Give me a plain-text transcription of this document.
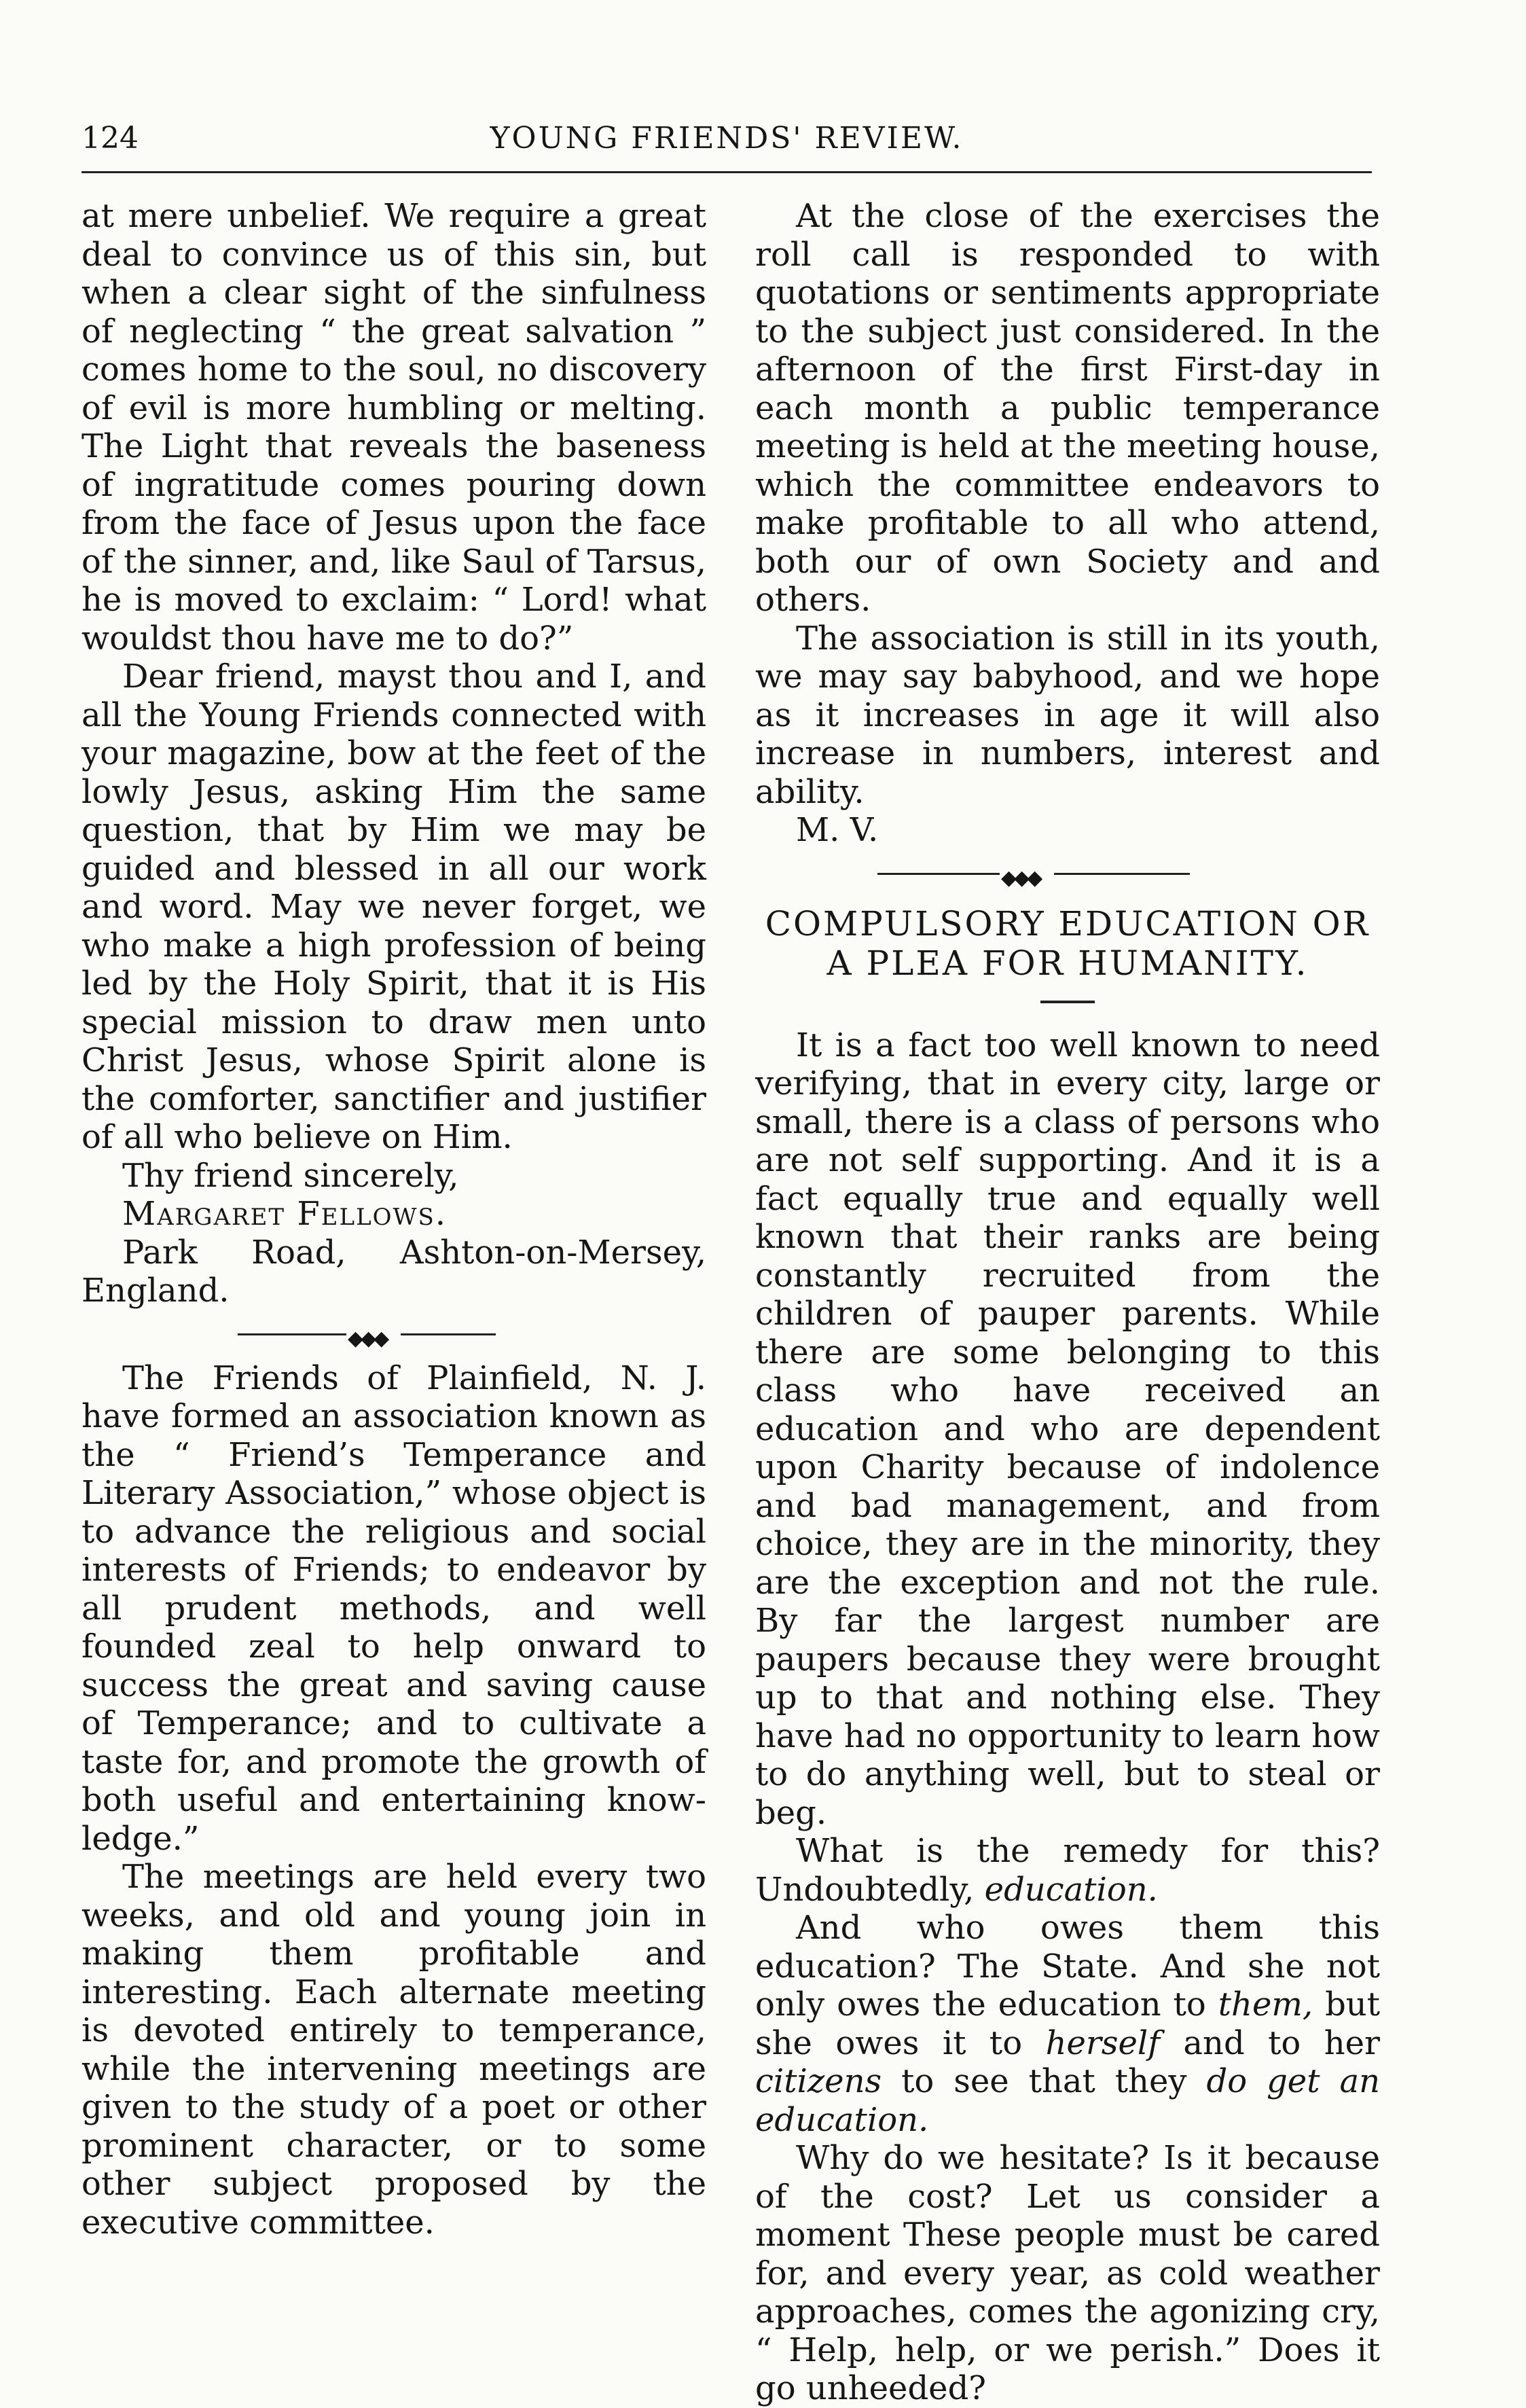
124	YOUNG FRIENDS' REVIEW.

at mere unbelief. We require a great deal to convince us of this sin, but when a clear sight of the sinfulness of neglecting “ the great salvation ” comes home to the soul, no discovery of evil is more humbling or melting. The Light that reveals the baseness of ingratitude comes pouring down from the face of Jesus upon the face of the sinner, and, like Saul of Tarsus, he is moved to exclaim: “ Lord! what wouldst thou have me to do?”

Dear friend, mayst thou and I, and all the Young Friends connected with your magazine, bow at the feet of the lowly Jesus, asking Him the same question, that by Him we may be guided and blessed in all our work and word. May we never forget, we who make a high profession of being led by the Holy Spirit, that it is His special mission to draw men unto Christ Jesus, whose Spirit alone is the comforter, sanctifier and justifier of all who believe on Him.

Thy friend sincerely,

Margaret Fellows.

Park Road, Ashton-on-Mersey, England.

◆◆◆

The Friends of Plainfield, N. J. have formed an association known as the “ Friend’s Temperance and Literary Association,” whose object is to advance the religious and social interests of Friends; to endeavor by all prudent methods, and well founded zeal to help onward to success the great and saving cause of Temperance; and to cultivate a taste for, and promote the growth of both useful and entertaining knowledge.”

The meetings are held every two weeks, and old and young join in making them profitable and interesting. Each alternate meeting is devoted entirely to temperance, while the intervening meetings are given to the study of a poet or other prominent character, or to some other subject proposed by the executive committee.

At the close of the exercises the roll call is responded to with quotations or sentiments appropriate to the subject just considered. In the afternoon of the first First-day in each month a public temperance meeting is held at the meeting house, which the committee endeavors to make profitable to all who attend, both our of own Society and and others.

The association is still in its youth, we may say babyhood, and we hope as it increases in age it will also increase in numbers, interest and ability.

M. V.

◆◆◆
COMPULSORY EDUCATION OR
A PLEA FOR HUMANITY.

It is a fact too well known to need verifying, that in every city, large or small, there is a class of persons who are not self supporting. And it is a fact equally true and equally well known that their ranks are being constantly recruited from the children of pauper parents. While there are some belonging to this class who have received an education and who are dependent upon Charity because of indolence and bad management, and from choice, they are in the minority, they are the exception and not the rule. By far the largest number are paupers because they were brought up to that and nothing else. They have had no opportunity to learn how to do anything well, but to steal or beg.

What is the remedy for this? Undoubtedly, education.

And who owes them this education? The State. And she not only owes the education to them, but she owes it to herself and to her citizens to see that they do get an education.

Why do we hesitate? Is it because of the cost? Let us consider a moment These people must be cared for, and every year, as cold weather approaches, comes the agonizing cry, “ Help, help, or we perish.” Does it go unheeded?
